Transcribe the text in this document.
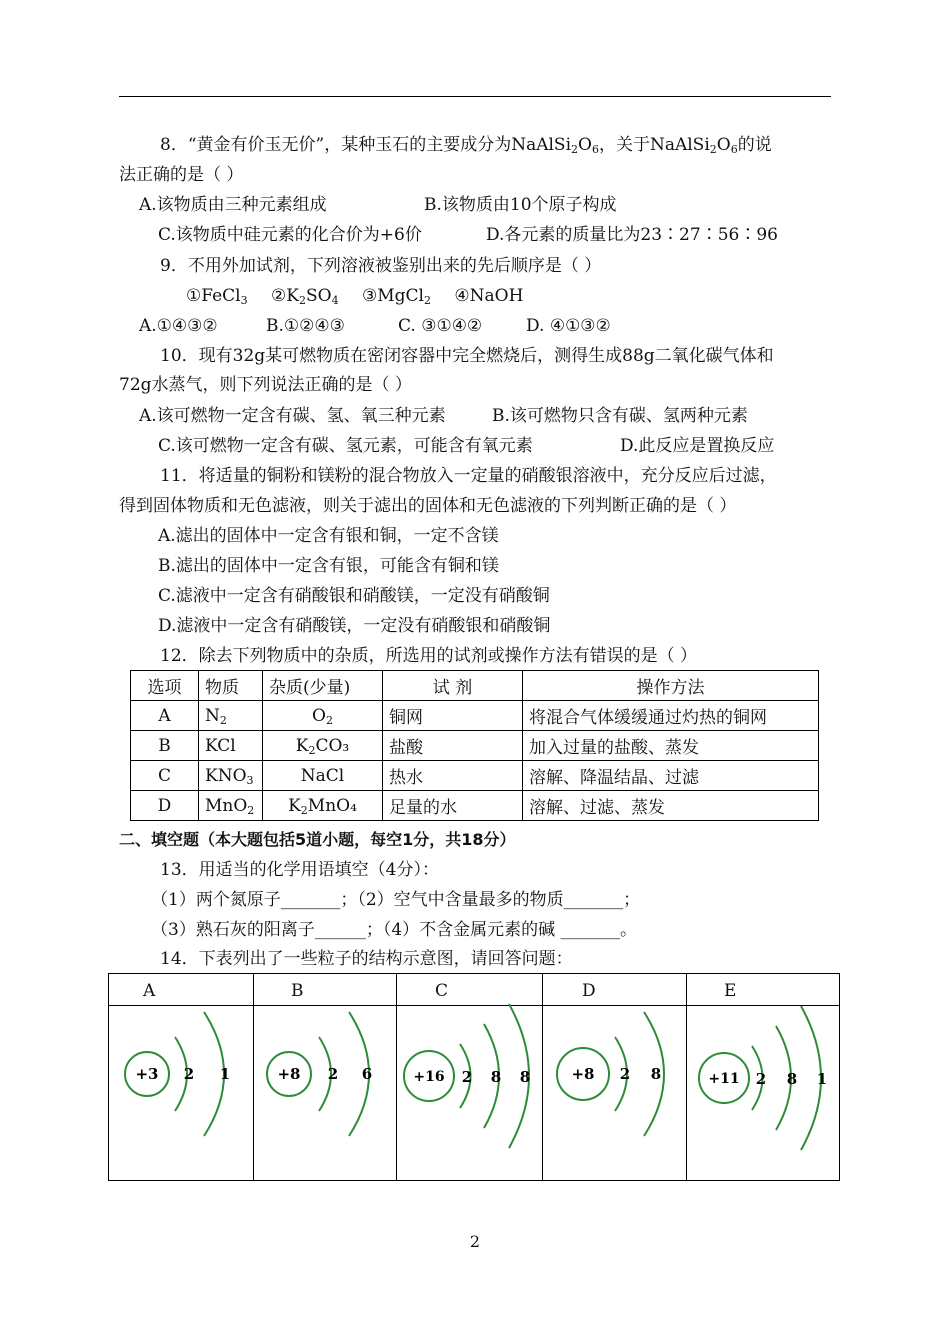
8．“黄金有价玉无价”，某种玉石的主要成分为$NaAlSi_2O_6$，关于$NaAlSi_2O_6$的说
法正确的是（ ）
A.该物质由三种元素组成	B.该物质由10个原子构成
C.该物质中硅元素的化合价为+6价	D.各元素的质量比为23∶27∶56∶96
9．不用外加试剂，下列溶液被鉴别出来的先后顺序是（ ）
①FeCl$_3$ $②K_2SO_4$ ③MgCl$_2$ ④NaOH
A.①④③②	B.①②④③	C. ③①④②	D. ④①③②
10．现有32g某可燃物质在密闭容器中完全燃烧后，测得生成88g二氧化碳气体和
72g水蒸气，则下列说法正确的是（ ）
A.该可燃物一定含有碳、氢、氧三种元素	B.该可燃物只含有碳、氢两种元素
C.该可燃物一定含有碳、氢元素，可能含有氧元素	D.此反应是置换反应
11．将适量的铜粉和镁粉的混合物放入一定量的硝酸银溶液中，充分反应后过滤，
得到固体物质和无色滤液，则关于滤出的固体和无色滤液的下列判断正确的是（ ）
A.滤出的固体中一定含有银和铜，一定不含镁
B.滤出的固体中一定含有银，可能含有铜和镁
C.滤液中一定含有硝酸银和硝酸镁，一定没有硝酸铜
D.滤液中一定含有硝酸镁，一定没有硝酸银和硝酸铜
12．除去下列物质中的杂质，所选用的试剂或操作方法有错误的是（ ）
选项	物质	杂质(少量)	试 剂	操作方法
A	$N_2$	$O_2$	铜网	将混合气体缓缓通过灼热的铜网
B	KCl	$K_2CO_3$	盐酸	加入过量的盐酸、蒸发
C	$KNO_3$	NaCl	热水	溶解、降温结晶、过滤
D	MnO$_2$	$K_2MnO_4$	足量的水	溶解、过滤、蒸发
二、填空题（本大题包括5道小题，每空1分，共18分）
13．用适当的化学用语填空（4分）：
（1）两个氮原子_______；（2）空气中含量最多的物质_______；
（3）熟石灰的阳离子______；（4）不含金属元素的碱 _______。
14．下表列出了一些粒子的结构示意图，请回答问题：
A	B	C	D	E
+3 2 1	+8 2 6	+16 2 8 8	+8 2 8	+11 2 8 1
2
